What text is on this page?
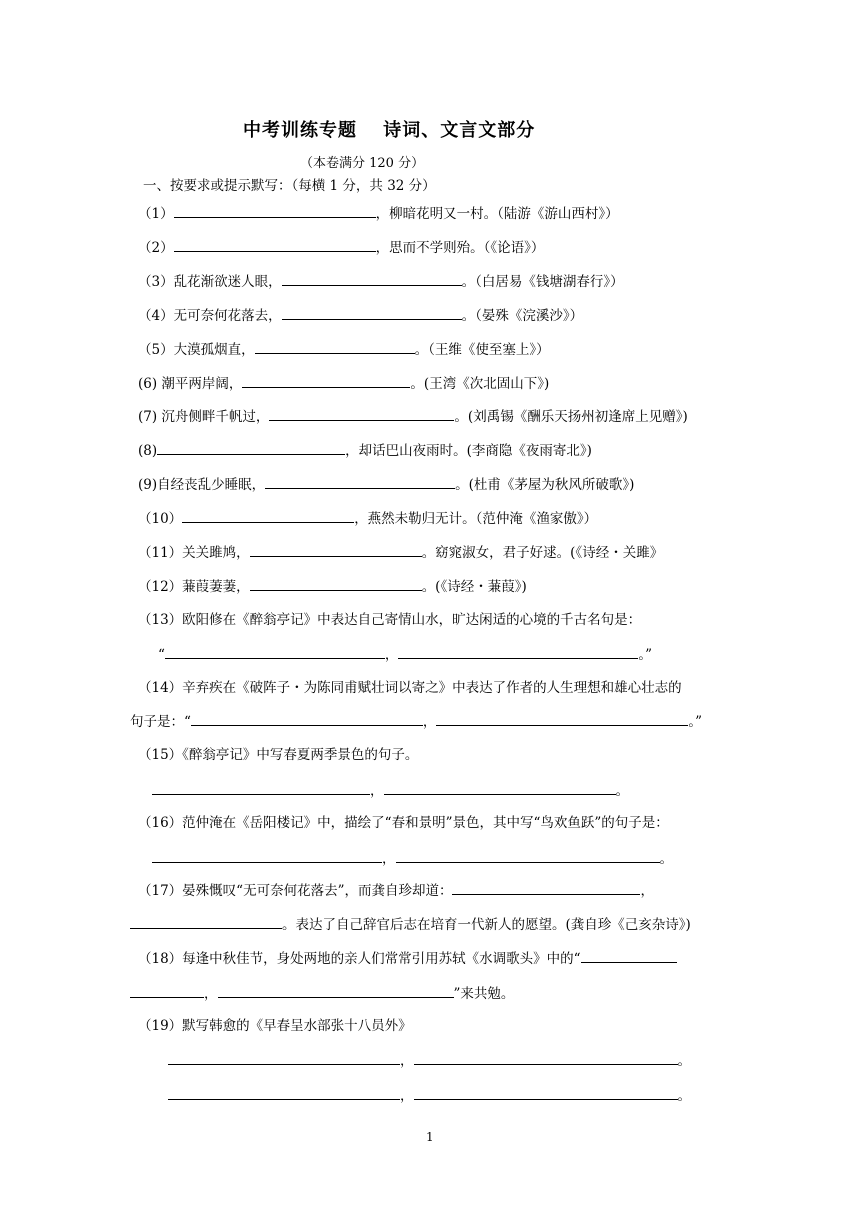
中考训练专题　 诗词、文言文部分
（本卷满分 120 分）
一、按要求或提示默写：（每横 1 分，共 32 分）
（1）	，柳暗花明又一村。（陆游《游山西村》）
（2）	，思而不学则殆。（《论语》）
（3）乱花渐欲迷人眼，	。（白居易《钱塘湖春行》）
（4）无可奈何花落去，	。（晏殊《浣溪沙》）
（5）大漠孤烟直，	。（王维《使至塞上》）
(6) 潮平两岸阔，	。(王湾《次北固山下》)
(7) 沉舟侧畔千帆过，	。(刘禹锡《酬乐天扬州初逢席上见赠》)
(8)	，却话巴山夜雨时。(李商隐《夜雨寄北》)
(9)自经丧乱少睡眠，	。(杜甫《茅屋为秋风所破歌》)
（10）	，燕然未勒归无计。（范仲淹《渔家傲》）
（11）关关雎鸠，	。窈窕淑女，君子好逑。(《诗经・关雎》
（12）蒹葭萋萋，	。(《诗经・蒹葭》)
（13）欧阳修在《醉翁亭记》中表达自己寄情山水，旷达闲适的心境的千古名句是：
“	，	。”
（14）辛弃疾在《破阵子・为陈同甫赋壮词以寄之》中表达了作者的人生理想和雄心壮志的
句子是：“	，	。”
（15）《醉翁亭记》中写春夏两季景色的句子。
，	。
（16）范仲淹在《岳阳楼记》中，描绘了“春和景明”景色，其中写“鸟欢鱼跃”的句子是：
，	。
（17）晏殊慨叹“无可奈何花落去”，而龚自珍却道：	，
。表达了自己辞官后志在培育一代新人的愿望。(龚自珍《己亥杂诗》)
（18）每逢中秋佳节，身处两地的亲人们常常引用苏轼《水调歌头》中的“
，	”来共勉。
（19）默写韩愈的《早春呈水部张十八员外》
，	。
，	。
1
